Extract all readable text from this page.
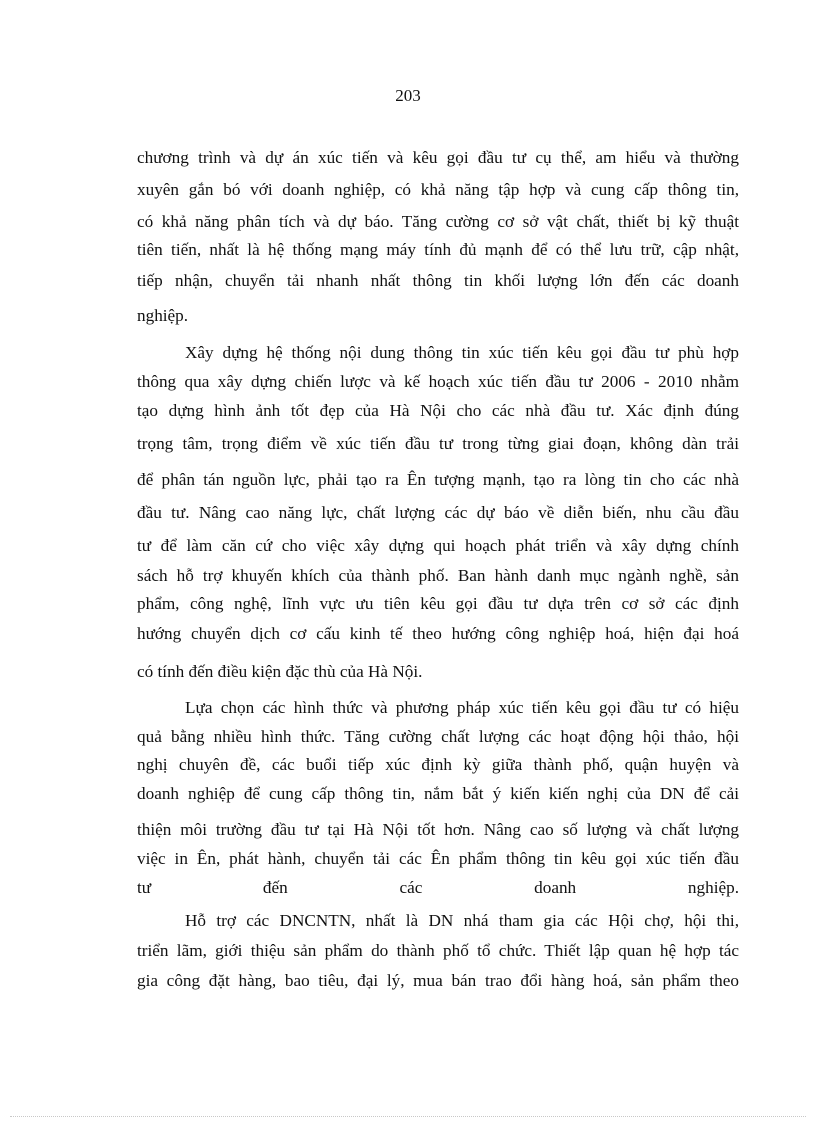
203
chương trình và dự án xúc tiến và kêu gọi đầu tư cụ thể, am hiểu và thường
xuyên gắn bó với doanh nghiệp, có khả năng tập hợp và cung cấp thông tin,
có khả năng phân tích và dự báo. Tăng cường cơ sở vật chất, thiết bị kỹ thuật
tiên tiến, nhất là hệ thống mạng máy tính đủ mạnh để có thể lưu trữ, cập nhật,
tiếp nhận, chuyển tải nhanh nhất thông tin khối lượng lớn đến các doanh
nghiệp.
Xây dựng hệ thống nội dung thông tin xúc tiến kêu gọi đầu tư phù hợp
thông qua xây dựng chiến lược và kế hoạch xúc tiến đầu tư 2006 - 2010 nhằm
tạo dựng hình ảnh tốt đẹp của Hà Nội cho các nhà đầu tư. Xác định đúng
trọng tâm, trọng điểm về xúc tiến đầu tư trong từng giai đoạn, không dàn trải
để phân tán nguồn lực, phải tạo ra Ên tượng mạnh, tạo ra lòng tin cho các nhà
đầu tư. Nâng cao năng lực, chất lượng các dự báo về diễn biến, nhu cầu đầu
tư để làm căn cứ cho việc xây dựng qui hoạch phát triển và xây dựng chính
sách hỗ trợ khuyến khích của thành phố. Ban hành danh mục ngành nghề, sản
phẩm, công nghệ, lĩnh vực ưu tiên kêu gọi đầu tư dựa trên cơ sở các định
hướng chuyển dịch cơ cấu kinh tế theo hướng công nghiệp hoá, hiện đại hoá
có tính đến điều kiện đặc thù của Hà Nội.
Lựa chọn các hình thức và phương pháp xúc tiến kêu gọi đầu tư có hiệu
quả bằng nhiều hình thức. Tăng cường chất lượng các hoạt động hội thảo, hội
nghị chuyên đề, các buổi tiếp xúc định kỳ giữa thành phố, quận huyện và
doanh nghiệp để cung cấp thông tin, nắm bắt ý kiến kiến nghị của DN để cải
thiện môi trường đầu tư tại Hà Nội tốt hơn. Nâng cao số lượng và chất lượng
việc in Ên, phát hành, chuyển tải các Ên phẩm thông tin kêu gọi xúc tiến đầu
tư đến các doanh nghiệp.
Hỗ trợ các DNCNTN, nhất là DN nhá tham gia các Hội chợ, hội thi,
triển lãm, giới thiệu sản phẩm do thành phố tổ chức. Thiết lập quan hệ hợp tác
gia công đặt hàng, bao tiêu, đại lý, mua bán trao đổi hàng hoá, sản phẩm theo
